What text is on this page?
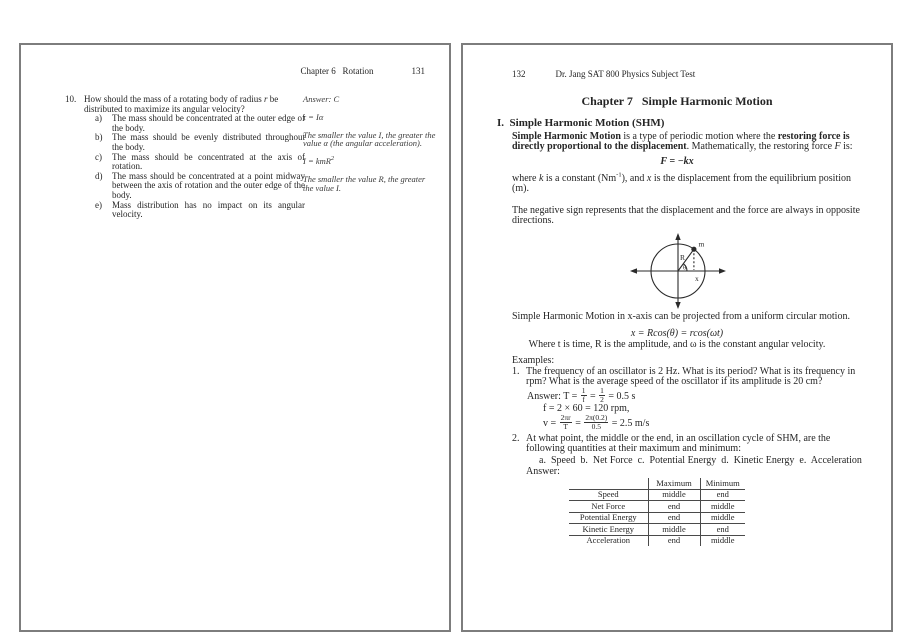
Chapter 6   Rotation	131
10. How should the mass of a rotating body of radius r be distributed to maximize its angular velocity?
a)	The mass should be concentrated at the outer edge of the body.
b)	The mass should be evenly distributed throughout the body.
c)	The mass should be concentrated at the axis of rotation.
d)	The mass should be concentrated at a point midway between the axis of rotation and the outer edge of the body.
e)	Mass distribution has no impact on its angular velocity.
Answer: C
τ = Iα
The smaller the value I, the greater the value α (the angular acceleration).
I = kmR$^2$
The smaller the value R, the greater the value I.
132	Dr. Jang SAT 800 Physics Subject Test
Chapter 7   Simple Harmonic Motion
I.  Simple Harmonic Motion (SHM)
Simple Harmonic Motion is a type of periodic motion where the restoring force is directly proportional to the displacement. Mathematically, the restoring force F is:
F = −kx
where k is a constant $(Nm^{-1})$, and x is the displacement from the equilibrium position (m).
The negative sign represents that the displacement and the force are always in opposite directions.
R
θ
x
m
Simple Harmonic Motion in x-axis can be projected from a uniform circular motion.
x = Rcos(θ) = rcos(ωt)
Where t is time, R is the amplitude, and ω is the constant angular velocity.
Examples:
1. The frequency of an oscillator is 2 Hz. What is its period? What is its frequency in rpm? What is the average speed of the oscillator if its amplitude is 20 cm?
Answer: $T = \frac{1}{f} = \frac{1}{2} = 0.5$ s
f = 2 × 60 = 120 rpm,
$v = \frac{2\pi r}{T} = \frac{2\pi(0.2)}{0.5} = 2.5$ m/s
2. At what point, the middle or the end, in an oscillation cycle of SHM, are the following quantities at their maximum and minimum:
a.  Speed  b.  Net Force  c.  Potential Energy  d.  Kinetic Energy  e.  Acceleration
Answer:
	Maximum	Minimum
Speed	middle	end
Net Force	end	middle
Potential Energy	end	middle
Kinetic Energy	middle	end
Acceleration	end	middle
